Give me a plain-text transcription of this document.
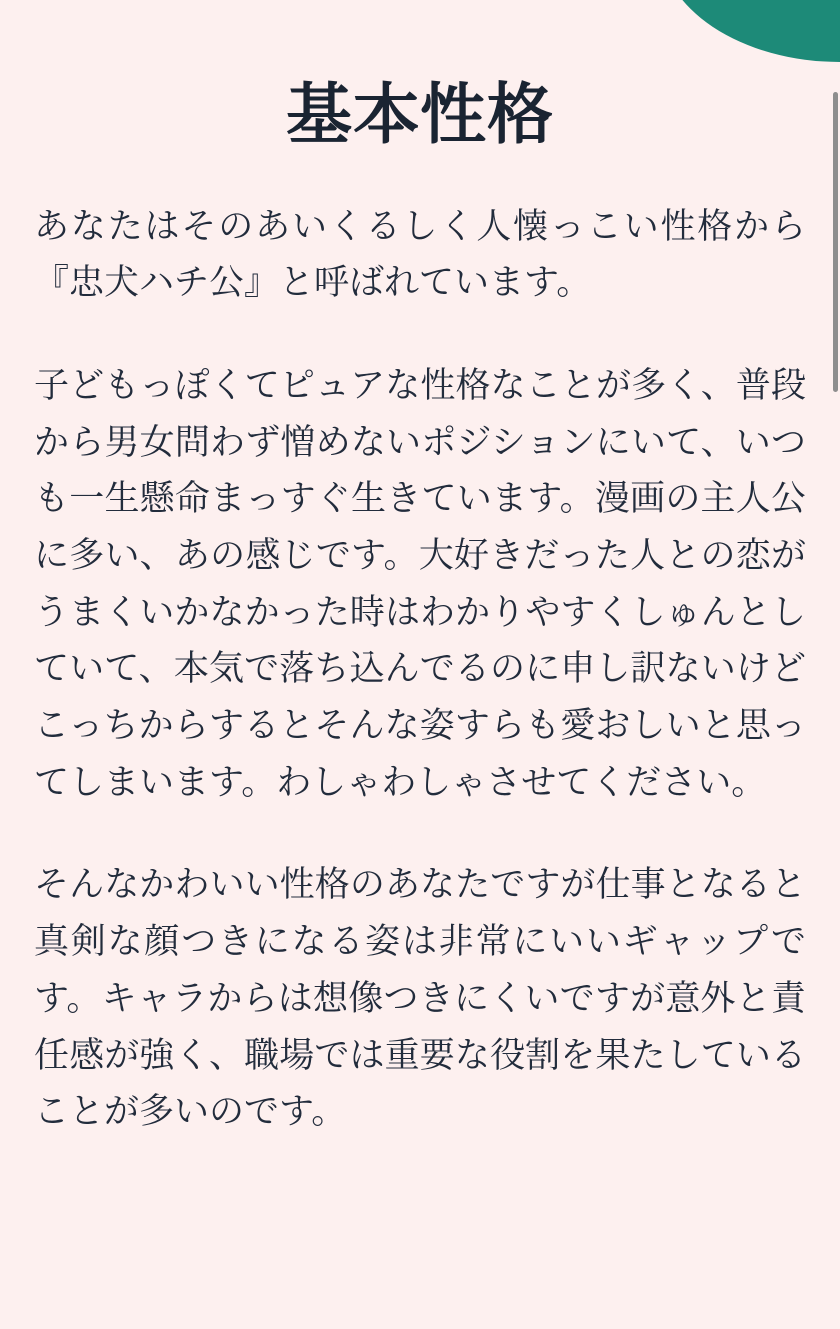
基本性格

あなたはそのあいくるしく人懐っこい性格から『忠犬ハチ公』と呼ばれています。

子どもっぽくてピュアな性格なことが多く、普段から男女問わず憎めないポジションにいて、いつも一生懸命まっすぐ生きています。漫画の主人公に多い、あの感じです。大好きだった人との恋がうまくいかなかった時はわかりやすくしゅんとしていて、本気で落ち込んでるのに申し訳ないけどこっちからするとそんな姿すらも愛おしいと思ってしまいます。わしゃわしゃさせてください。

そんなかわいい性格のあなたですが仕事となると真剣な顔つきになる姿は非常にいいギャップです。キャラからは想像つきにくいですが意外と責任感が強く、職場では重要な役割を果たしていることが多いのです。
